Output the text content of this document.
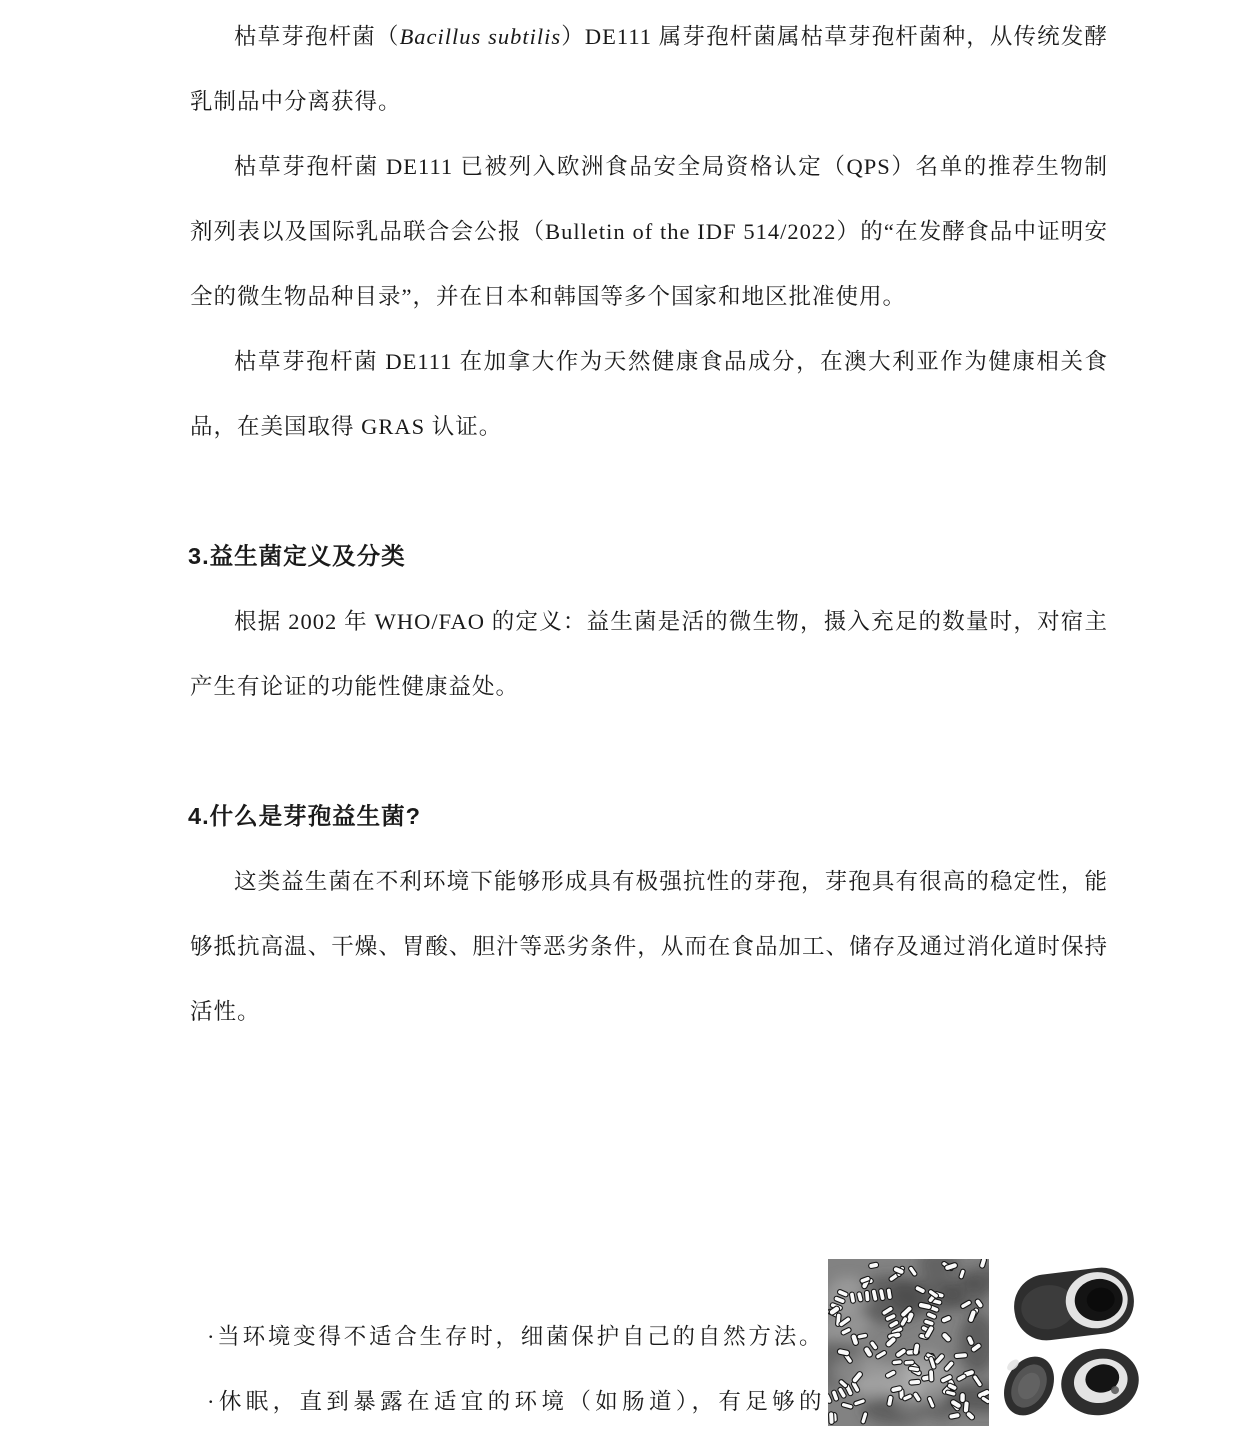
枯草芽孢杆菌（Bacillus subtilis）DE111 属芽孢杆菌属枯草芽孢杆菌种，从传统发酵乳制品中分离获得。

枯草芽孢杆菌 DE111 已被列入欧洲食品安全局资格认定（QPS）名单的推荐生物制剂列表以及国际乳品联合会公报（Bulletin of the IDF 514/2022）的“在发酵食品中证明安全的微生物品种目录”，并在日本和韩国等多个国家和地区批准使用。

枯草芽孢杆菌 DE111 在加拿大作为天然健康食品成分，在澳大利亚作为健康相关食品，在美国取得 GRAS 认证。

3.益生菌定义及分类

根据 2002 年 WHO/FAO 的定义：益生菌是活的微生物，摄入充足的数量时，对宿主产生有论证的功能性健康益处。

4.什么是芽孢益生菌?

这类益生菌在不利环境下能够形成具有极强抗性的芽孢，芽孢具有很高的稳定性，能够抵抗高温、干燥、胃酸、胆汁等恶劣条件，从而在食品加工、储存及通过消化道时保持活性。

·当环境变得不适合生存时，细菌保护自己的自然方法。

·休眠，直到暴露在适宜的环境（如肠道），有足够的
